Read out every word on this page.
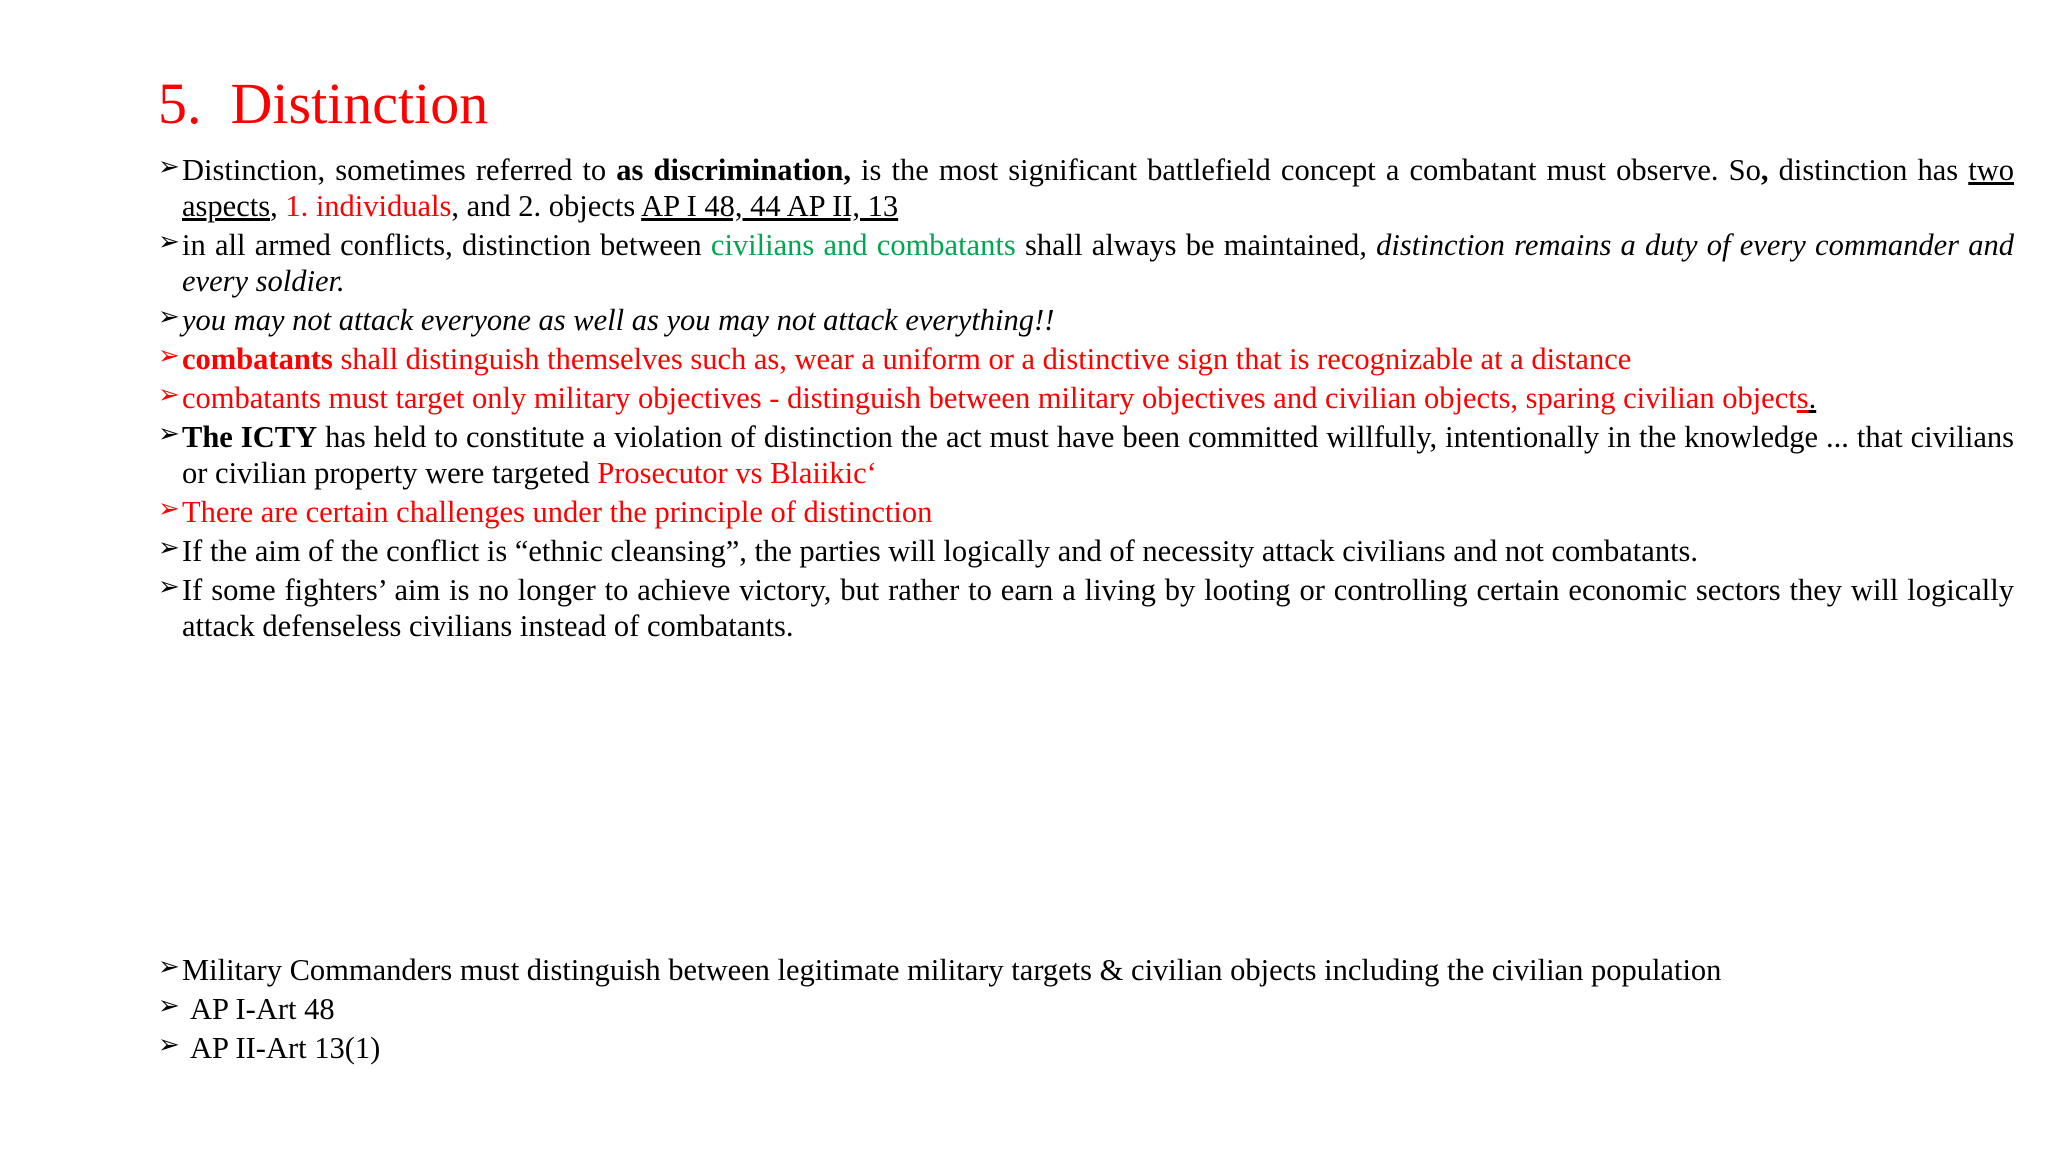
5.  Distinction
➢ Distinction, sometimes referred to as discrimination, is the most significant battlefield concept a combatant must observe. So, distinction has two aspects, 1. individuals, and 2. objects AP I 48, 44 AP II, 13
➢ in all armed conflicts, distinction between civilians and combatants shall always be maintained, distinction remains a duty of every commander and every soldier.
➢ you may not attack everyone as well as you may not attack everything!!
➢ combatants shall distinguish themselves such as, wear a uniform or a distinctive sign that is recognizable at a distance
➢ combatants must target only military objectives - distinguish between military objectives and civilian objects, sparing civilian objects.
➢ The ICTY has held to constitute a violation of distinction the act must have been committed willfully, intentionally in the knowledge ... that civilians or civilian property were targeted Prosecutor vs Blaiikic‘
➢ There are certain challenges under the principle of distinction
➢ If the aim of the conflict is “ethnic cleansing”, the parties will logically and of necessity attack civilians and not combatants.
➢ If some fighters’ aim is no longer to achieve victory, but rather to earn a living by looting or controlling certain economic sectors they will logically attack defenseless civilians instead of combatants.
➢ Military Commanders must distinguish between legitimate military targets & civilian objects including the civilian population
➢ AP I-Art 48
➢ AP II-Art 13(1)
